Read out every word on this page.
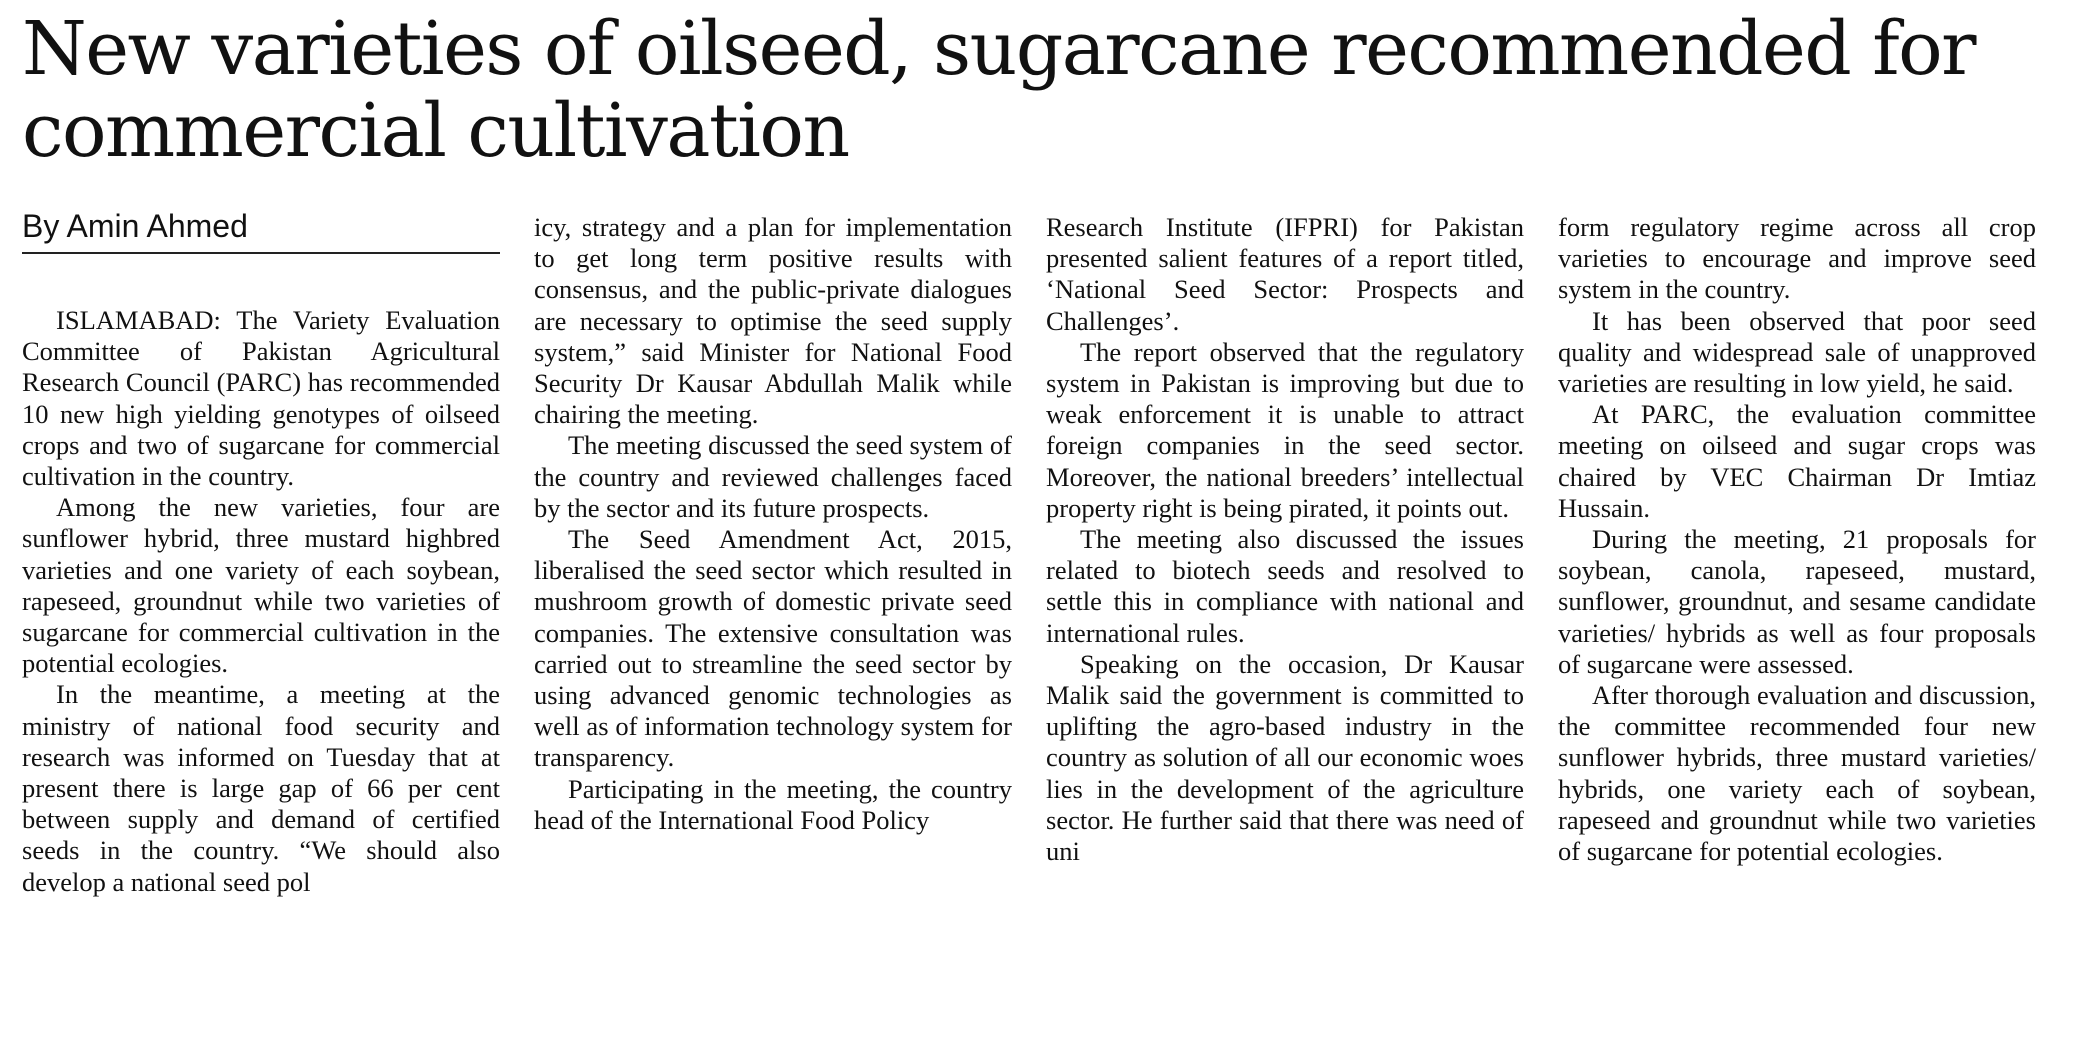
New varieties of oilseed, sugarcane recommended for commercial cultivation
By Amin Ahmed

ISLAMABAD: The Variety Evaluation Committee of Pakistan Agricultural Research Council (PARC) has recommended 10 new high yielding genotypes of oilseed crops and two of sugarcane for commercial cultivation in the country.

Among the new varieties, four are sunflower hybrid, three mustard highbred varieties and one variety of each soybean, rapeseed, groundnut while two varieties of sugarcane for commercial cultivation in the potential ecologies.

In the meantime, a meeting at the ministry of national food security and research was informed on Tuesday that at present there is large gap of 66 per cent between supply and demand of certified seeds in the country. “We should also develop a national seed pol

icy, strategy and a plan for implementation to get long term positive results with consensus, and the public-private dialogues are necessary to optimise the seed supply system,” said Minister for National Food Security Dr Kausar Abdullah Malik while chairing the meeting.

The meeting discussed the seed system of the country and reviewed challenges faced by the sector and its future prospects.

The Seed Amendment Act, 2015, liberalised the seed sector which resulted in mushroom growth of domestic private seed companies. The extensive consultation was carried out to streamline the seed sector by using advanced genomic technologies as well as of information technology system for transparency.

Participating in the meeting, the country head of the International Food Policy

Research Institute (IFPRI) for Pakistan presented salient features of a report titled, ‘National Seed Sector: Prospects and Challenges’.

The report observed that the regulatory system in Pakistan is improving but due to weak enforcement it is unable to attract foreign companies in the seed sector. Moreover, the national breeders’ intellectual property right is being pirated, it points out.

The meeting also discussed the issues related to biotech seeds and resolved to settle this in compliance with national and international rules.

Speaking on the occasion, Dr Kausar Malik said the government is committed to uplifting the agro-based industry in the country as solution of all our economic woes lies in the development of the agriculture sector. He further said that there was need of uni

form regulatory regime across all crop varieties to encourage and improve seed system in the country.

It has been observed that poor seed quality and widespread sale of unapproved varieties are resulting in low yield, he said.

At PARC, the evaluation committee meeting on oilseed and sugar crops was chaired by VEC Chairman Dr Imtiaz Hussain.

During the meeting, 21 proposals for soybean, canola, rapeseed, mustard, sunflower, groundnut, and sesame candidate varieties/ hybrids as well as four proposals of sugarcane were assessed.

After thorough evaluation and discussion, the committee recommended four new sunflower hybrids, three mustard varieties/ hybrids, one variety each of soybean, rapeseed and groundnut while two varieties of sugarcane for potential ecologies.
